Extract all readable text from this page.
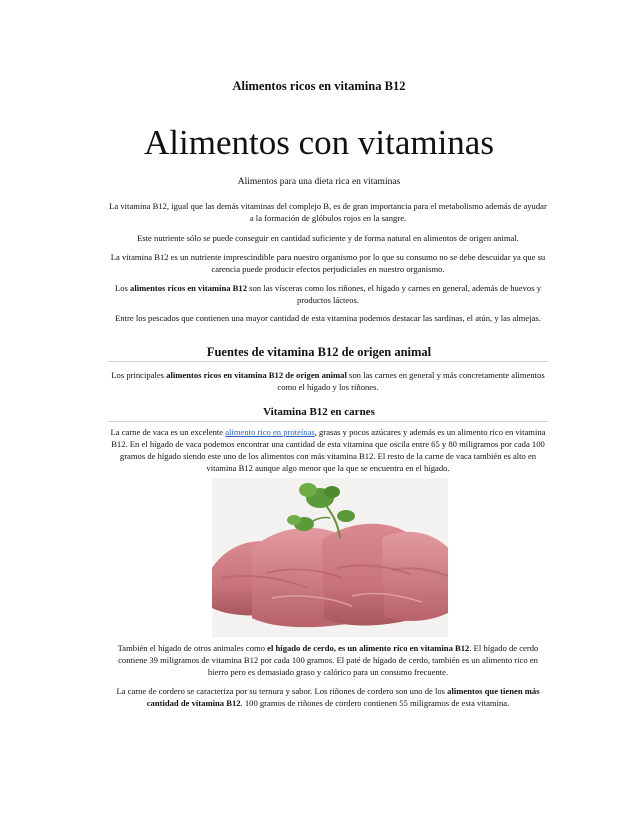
Alimentos ricos en vitamina B12
Alimentos con vitaminas

Alimentos para una dieta rica en vitaminas

La vitamina B12, igual que las demás vitaminas del complejo B, es de gran importancia para el metabolismo además de ayudar a la formación de glóbulos rojos en la sangre.

Este nutriente sólo se puede conseguir en cantidad suficiente y de forma natural en alimentos de origen animal.

La vitamina B12 es un nutriente imprescindible para nuestro organismo por lo que su consumo no se debe descuidar ya que su carencia puede producir efectos perjudiciales en nuestro organismo.

Los alimentos ricos en vitamina B12 son las vísceras como los riñones, el hígado y carnes en general, además de huevos y productos lácteos.

Entre los pescados que contienen una mayor cantidad de esta vitamina podemos destacar las sardinas, el atún, y las almejas.

Fuentes de vitamina B12 de origen animal

Los principales alimentos ricos en vitamina B12 de origen animal son las carnes en general y más concretamente alimentos como el hígado y los riñones.

Vitamina B12 en carnes

La carne de vaca es un excelente alimento rico en proteínas, grasas y pocos azúcares y además es un alimento rico en vitamina B12. En el hígado de vaca podemos encontrar una cantidad de esta vitamina que oscila entre 65 y 80 miligramos por cada 100 gramos de hígado siendo este uno de los alimentos con más vitamina B12. El resto de la carne de vaca también es alto en vitamina B12 aunque algo menor que la que se encuentra en el hígado.

También el hígado de otros animales como el hígado de cerdo, es un alimento rico en vitamina B12. El hígado de cerdo contiene 39 miligramos de vitamina B12 por cada 100 gramos. El paté de hígado de cerdo, también es un alimento rico en hierro pero es demasiado graso y calórico para un consumo frecuente.

La carne de cordero se caracteriza por su ternura y sabor. Los riñones de cordero son uno de los alimentos que tienen más cantidad de vitamina B12. 100 gramos de riñones de cordero contienen 55 miligramos de esta vitamina.
